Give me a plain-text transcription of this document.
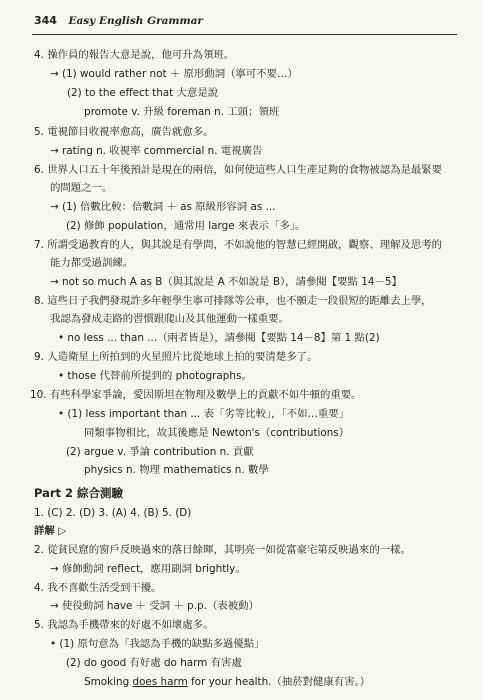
344 Easy English Grammar
4. 操作員的報告大意是說，他可升為領班。
→ (1) would rather not ＋ 原形動詞（寧可不要…）
(2) to the effect that 大意是說
promote v. 升級 foreman n. 工頭；領班
5. 電視節目收視率愈高，廣告就愈多。
→ rating n. 收視率 commercial n. 電視廣告
6. 世界人口五十年後預計是現在的兩倍，如何使這些人口生產足夠的食物被認為是最緊要
的問題之一。
→ (1) 倍數比較：倍數詞 ＋ as 原級形容詞 as ...
(2) 修飾 population，通常用 large 來表示「多」。
7. 所謂受過教育的人，與其說是有學問，不如說他的智慧已經開啟，觀察、理解及思考的
能力都受過訓練。
→ not so much A as B（與其說是 A 不如說是 B），請參閱【要點 14－5】
8. 這些日子我們發現許多年輕學生寧可排隊等公車，也不願走一段很短的距離去上學，
我認為發成走路的習慣跟爬山及其他運動一樣重要。
• no less ... than ...（兩者皆是），請參閱【要點 14－8】第 1 點(2)
9. 人造衛星上所拍到的火星照片比從地球上拍的要清楚多了。
• those 代替前所提到的 photographs。
10. 有些科學家爭論，愛因斯坦在物理及數學上的貢獻不如牛頓的重要。
• (1) less important than ... 表「劣等比較」，「不如…重要」
同類事物相比，故其後應是 Newton's（contributions）
(2) argue v. 爭論 contribution n. 貢獻
physics n. 物理 mathematics n. 數學
Part 2 綜合測驗
1. (C) 2. (D) 3. (A) 4. (B) 5. (D)
詳解 ▷
2. 從貧民窟的窗戶反映過來的落日餘暉，其明亮一如從富豪宅第反映過來的一樣。
→ 修飾動詞 reflect，應用副詞 brightly。
4. 我不喜歡生活受到干擾。
→ 使役動詞 have ＋ 受詞 ＋ p.p.（表被動）
5. 我認為手機帶來的好處不如壞處多。
• (1) 原句意為「我認為手機的缺點多過優點」
(2) do good 有好處 do harm 有害處
Smoking does harm for your health.（抽菸對健康有害。）
